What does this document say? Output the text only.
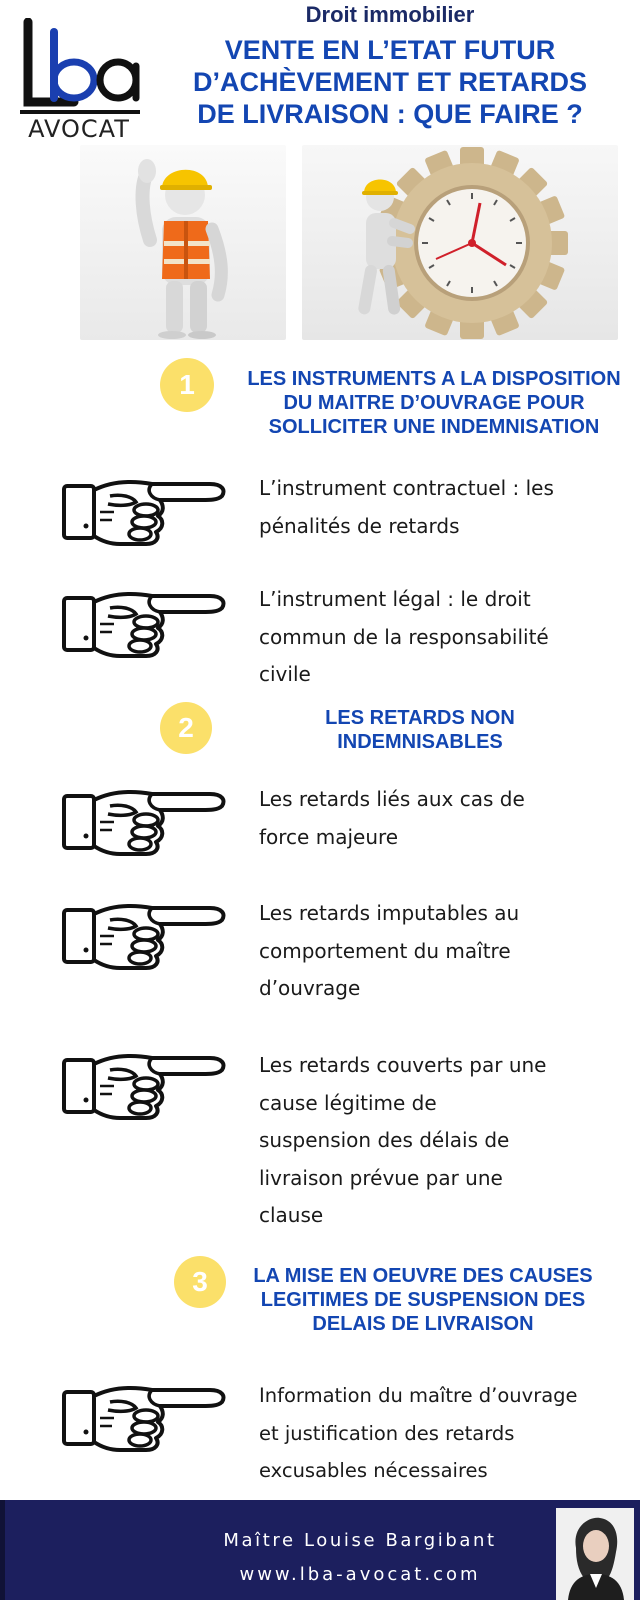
AVOCAT
Droit immobilier
VENTE EN L’ETAT FUTUR
D’ACHÈVEMENT ET RETARDS
DE LIVRAISON : QUE FAIRE ?
1	LES INSTRUMENTS A LA DISPOSITION
DU MAITRE D’OUVRAGE POUR
SOLLICITER UNE INDEMNISATION
L’instrument contractuel : les
pénalités de retards
L’instrument légal : le droit
commun de la responsabilité
civile
2	LES RETARDS NON
INDEMNISABLES
Les retards liés aux cas de
force majeure
Les retards imputables au
comportement du maître
d’ouvrage
Les retards couverts par une
cause légitime de
suspension des délais de
livraison prévue par une
clause
3	LA MISE EN OEUVRE DES CAUSES
LEGITIMES DE SUSPENSION DES
DELAIS DE LIVRAISON
Information du maître d’ouvrage
et justification des retards
excusables nécessaires
Maître Louise Bargibant
www.lba-avocat.com
